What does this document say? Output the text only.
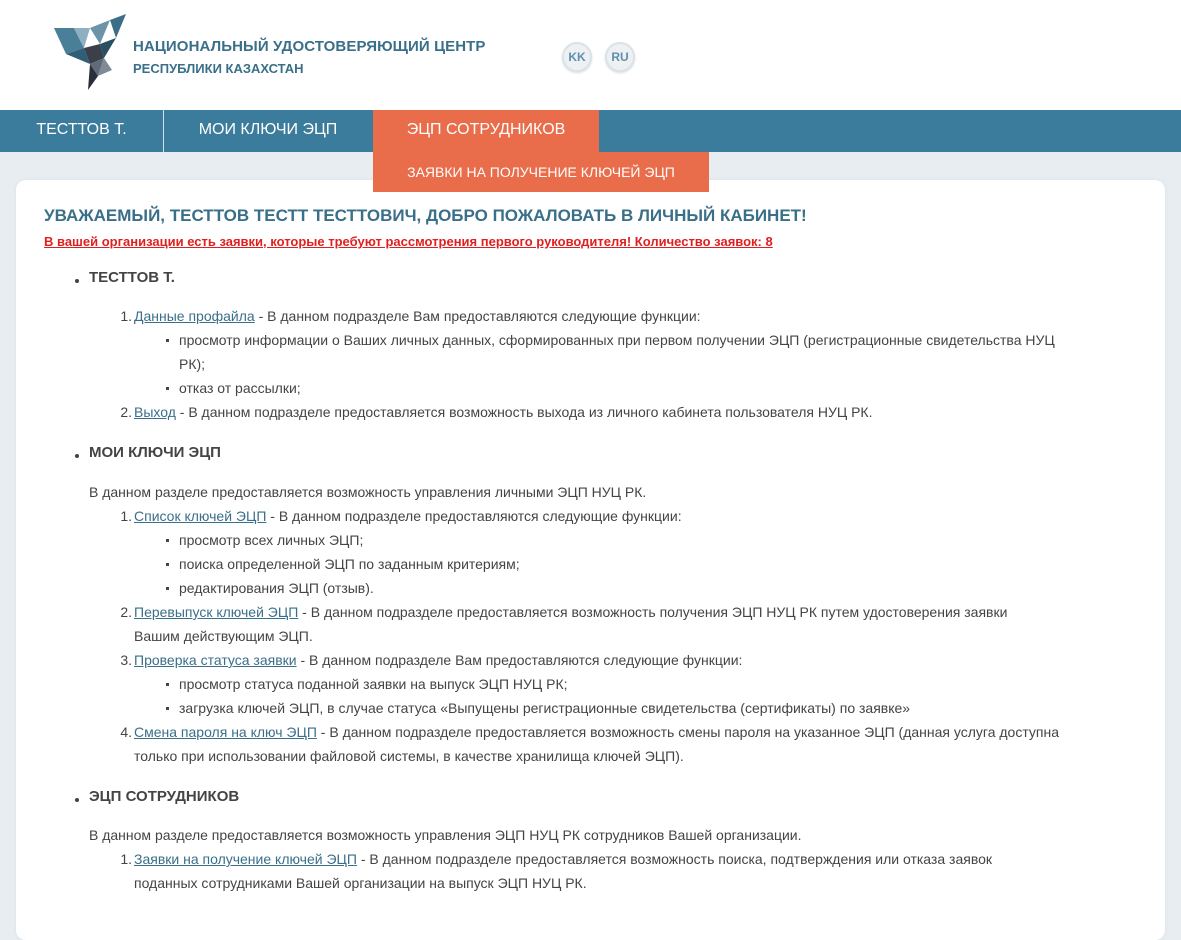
НАЦИОНАЛЬНЫЙ УДОСТОВЕРЯЮЩИЙ ЦЕНТР
РЕСПУБЛИКИ КАЗАХСТАН
KK	RU
ТЕСТТОВ Т.	МОИ КЛЮЧИ ЭЦП	ЭЦП СОТРУДНИКОВ
ЗАЯВКИ НА ПОЛУЧЕНИЕ КЛЮЧЕЙ ЭЦП
УВАЖАЕМЫЙ, ТЕСТТОВ ТЕСТТ ТЕСТТОВИЧ, ДОБРО ПОЖАЛОВАТЬ В ЛИЧНЫЙ КАБИНЕТ!
В вашей организации есть заявки, которые требуют рассмотрения первого руководителя! Количество заявок: 8
ТЕСТТОВ Т.
1. Данные профайла - В данном подразделе Вам предоставляются следующие функции:
просмотр информации о Ваших личных данных, сформированных при первом получении ЭЦП (регистрационные свидетельства НУЦ
РК);
отказ от рассылки;
2. Выход - В данном подразделе предоставляется возможность выхода из личного кабинета пользователя НУЦ РК.
МОИ КЛЮЧИ ЭЦП
В данном разделе предоставляется возможность управления личными ЭЦП НУЦ РК.
1. Список ключей ЭЦП - В данном подразделе предоставляются следующие функции:
просмотр всех личных ЭЦП;
поиска определенной ЭЦП по заданным критериям;
редактирования ЭЦП (отзыв).
2. Перевыпуск ключей ЭЦП - В данном подразделе предоставляется возможность получения ЭЦП НУЦ РК путем удостоверения заявки
Вашим действующим ЭЦП.
3. Проверка статуса заявки - В данном подразделе Вам предоставляются следующие функции:
просмотр статуса поданной заявки на выпуск ЭЦП НУЦ РК;
загрузка ключей ЭЦП, в случае статуса «Выпущены регистрационные свидетельства (сертификаты) по заявке»
4. Смена пароля на ключ ЭЦП - В данном подразделе предоставляется возможность смены пароля на указанное ЭЦП (данная услуга доступна
только при использовании файловой системы, в качестве хранилища ключей ЭЦП).
ЭЦП СОТРУДНИКОВ
В данном разделе предоставляется возможность управления ЭЦП НУЦ РК сотрудников Вашей организации.
1. Заявки на получение ключей ЭЦП - В данном подразделе предоставляется возможность поиска, подтверждения или отказа заявок
поданных сотрудниками Вашей организации на выпуск ЭЦП НУЦ РК.
